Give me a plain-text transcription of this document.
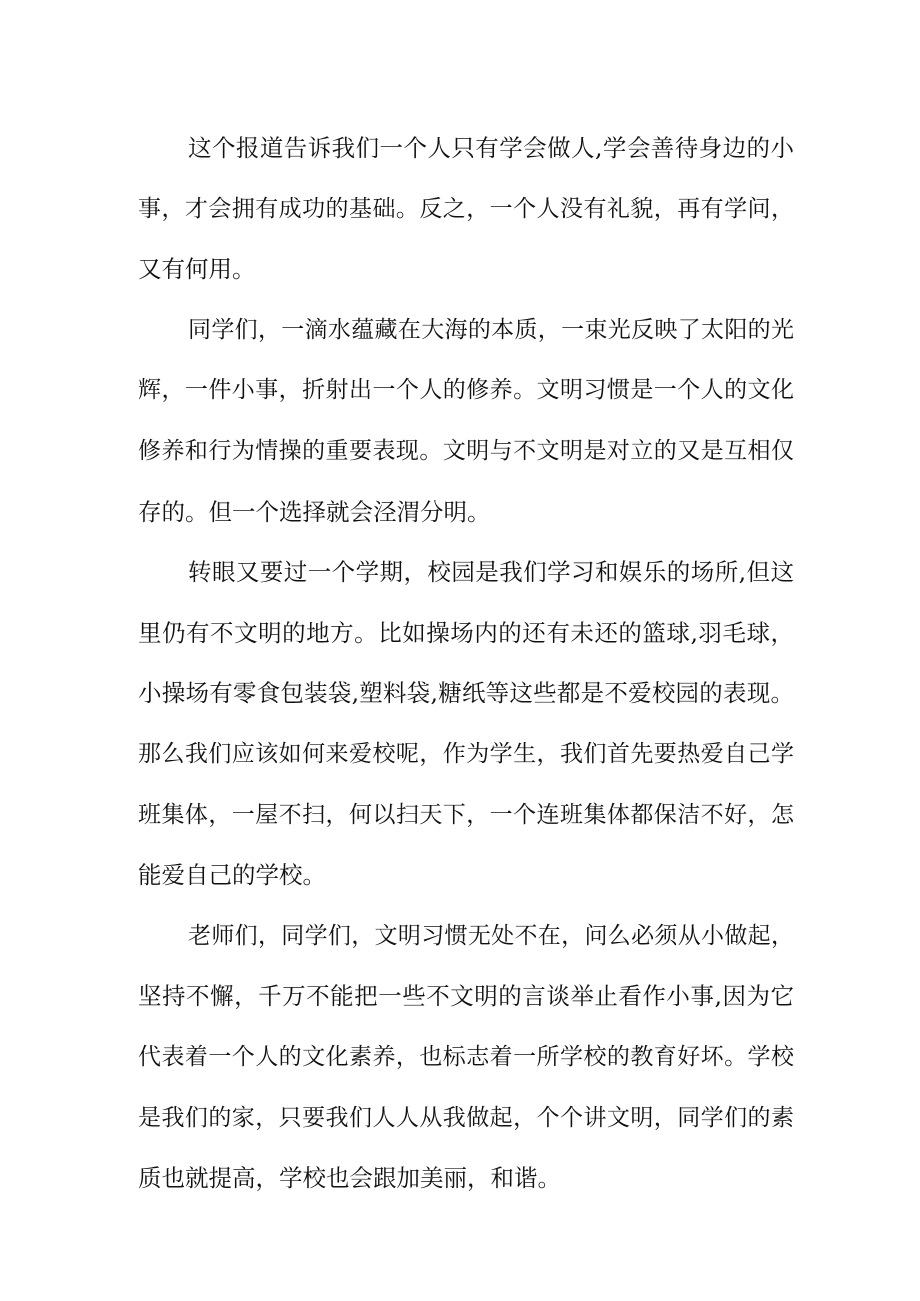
这个报道告诉我们一个人只有学会做人,学会善待身边的小
事，才会拥有成功的基础。反之，一个人没有礼貌，再有学问，
又有何用。
同学们，一滴水蕴藏在大海的本质，一束光反映了太阳的光
辉，一件小事，折射出一个人的修养。文明习惯是一个人的文化
修养和行为情操的重要表现。文明与不文明是对立的又是互相仅
存的。但一个选择就会泾渭分明。
转眼又要过一个学期，校园是我们学习和娱乐的场所,但这
里仍有不文明的地方。比如操场内的还有未还的篮球,羽毛球，
小操场有零食包装袋,塑料袋,糖纸等这些都是不爱校园的表现。
那么我们应该如何来爱校呢，作为学生，我们首先要热爱自己学
班集体，一屋不扫，何以扫天下，一个连班集体都保洁不好，怎
能爱自己的学校。
老师们，同学们，文明习惯无处不在，问么必须从小做起，
坚持不懈，千万不能把一些不文明的言谈举止看作小事,因为它
代表着一个人的文化素养，也标志着一所学校的教育好坏。学校
是我们的家，只要我们人人从我做起，个个讲文明，同学们的素
质也就提高，学校也会跟加美丽，和谐。
